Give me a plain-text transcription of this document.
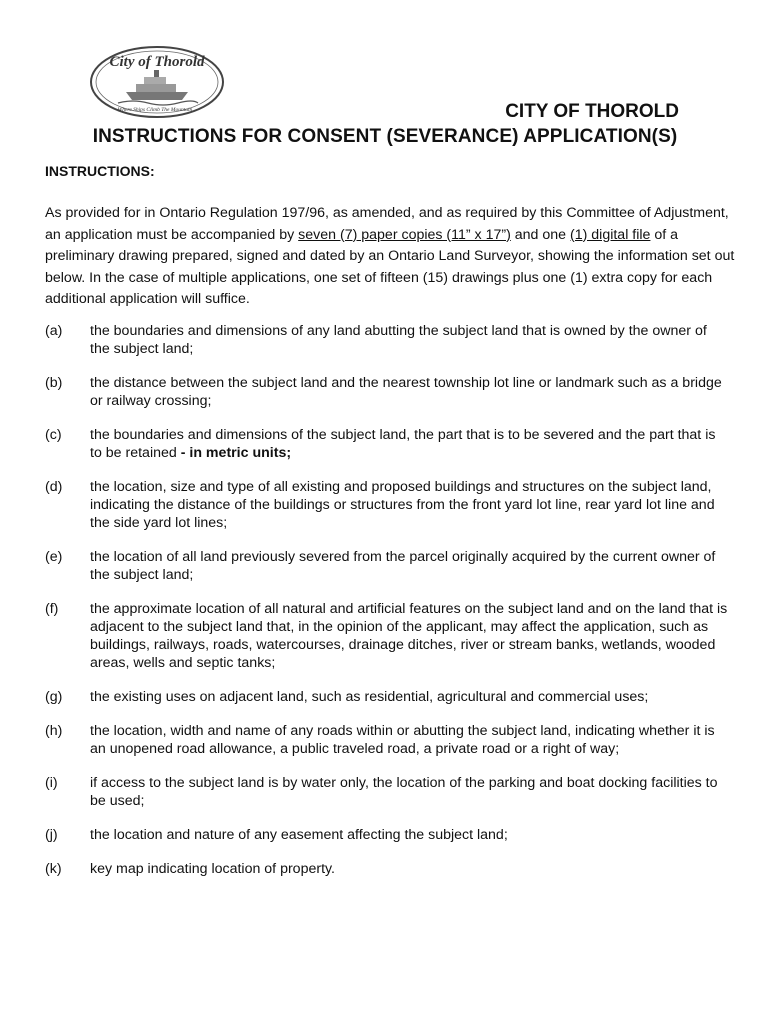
City of Thorold
Where Ships Climb The Mountain...	CITY OF THOROLD
INSTRUCTIONS FOR CONSENT (SEVERANCE) APPLICATION(S)
INSTRUCTIONS:
As provided for in Ontario Regulation 197/96, as amended, and as required by this Committee of Adjustment, an application must be accompanied by seven (7) paper copies (11” x 17”) and one (1) digital file of a preliminary drawing prepared, signed and dated by an Ontario Land Surveyor, showing the information set out below. In the case of multiple applications, one set of fifteen (15) drawings plus one (1) extra copy for each additional application will suffice.
(a)	the boundaries and dimensions of any land abutting the subject land that is owned by the owner of the subject land;
(b)	the distance between the subject land and the nearest township lot line or landmark such as a bridge or railway crossing;
(c)	the boundaries and dimensions of the subject land, the part that is to be severed and the part that is to be retained - in metric units;
(d)	the location, size and type of all existing and proposed buildings and structures on the subject land, indicating the distance of the buildings or structures from the front yard lot line, rear yard lot line and the side yard lot lines;
(e)	the location of all land previously severed from the parcel originally acquired by the current owner of the subject land;
(f)	the approximate location of all natural and artificial features on the subject land and on the land that is adjacent to the subject land that, in the opinion of the applicant, may affect the application, such as buildings, railways, roads, watercourses, drainage ditches, river or stream banks, wetlands, wooded areas, wells and septic tanks;
(g)	the existing uses on adjacent land, such as residential, agricultural and commercial uses;
(h)	the location, width and name of any roads within or abutting the subject land, indicating whether it is an unopened road allowance, a public traveled road, a private road or a right of way;
(i)	if access to the subject land is by water only, the location of the parking and boat docking facilities to be used;
(j)	the location and nature of any easement affecting the subject land;
(k)	key map indicating location of property.
